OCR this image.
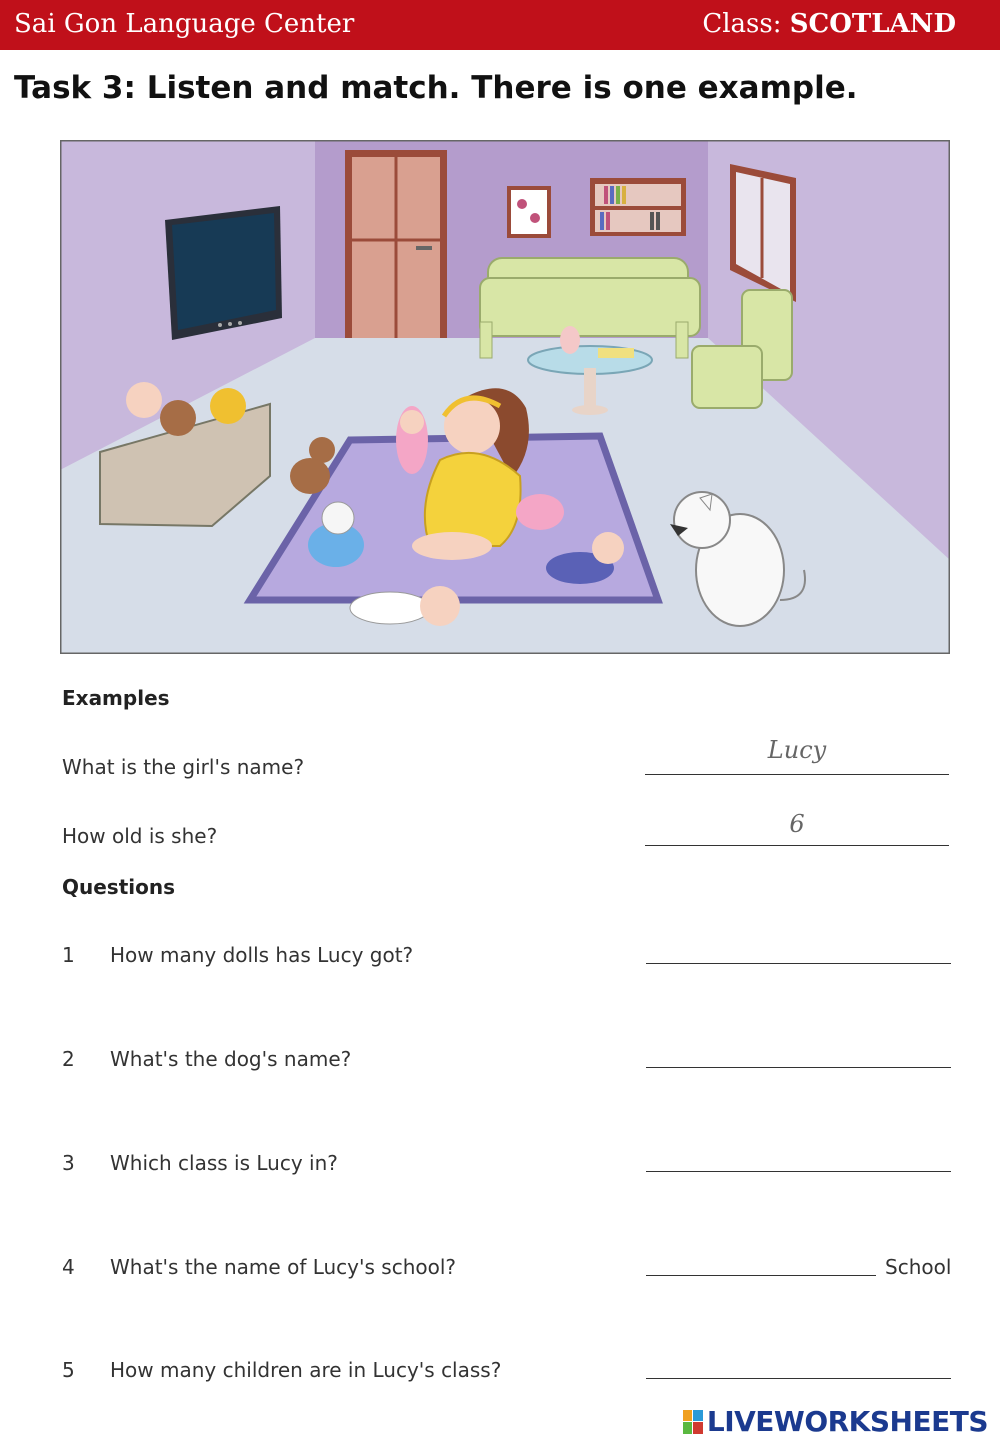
Sai Gon Language Center	Class: SCOTLAND
Task 3: Listen and match. There is one example.
Examples
What is the girl's name?
Lucy
How old is she?	6
Questions
1 How many dolls has Lucy got?
2 What's the dog's name?
3 Which class is Lucy in?
4 What's the name of Lucy's school?	School
5 How many children are in Lucy's class?
LIVEWORKSHEETS
